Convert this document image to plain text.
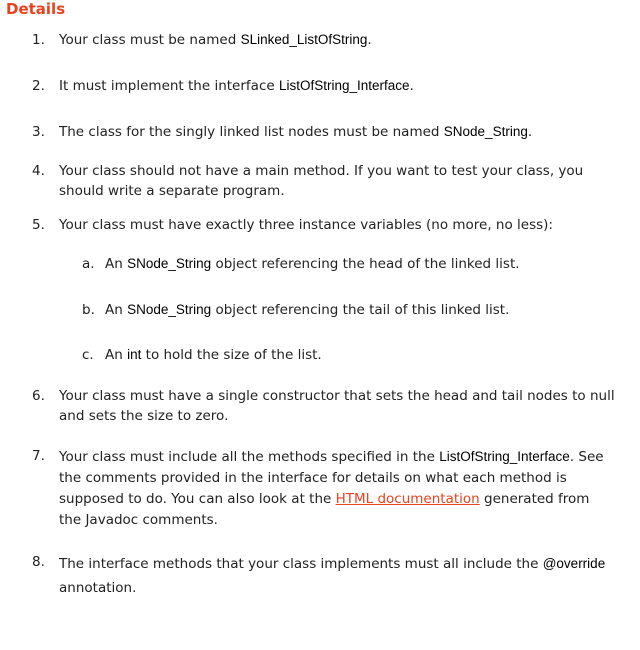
Details
1.	Your class must be named SLinked_ListOfString.
2.	It must implement the interface ListOfString_Interface.
3.	The class for the singly linked list nodes must be named SNode_String.
4.	Your class should not have a main method. If you want to test your class, you
should write a separate program.
5.	Your class must have exactly three instance variables (no more, no less):
a. An SNode_String object referencing the head of the linked list.
b. An SNode_String object referencing the tail of this linked list.
c. An int to hold the size of the list.
6.	Your class must have a single constructor that sets the head and tail nodes to null
and sets the size to zero.
7.	Your class must include all the methods specified in the ListOfString_Interface. See
the comments provided in the interface for details on what each method is
supposed to do. You can also look at the HTML documentation generated from
the Javadoc comments.
8.	The interface methods that your class implements must all include the @override
annotation.
